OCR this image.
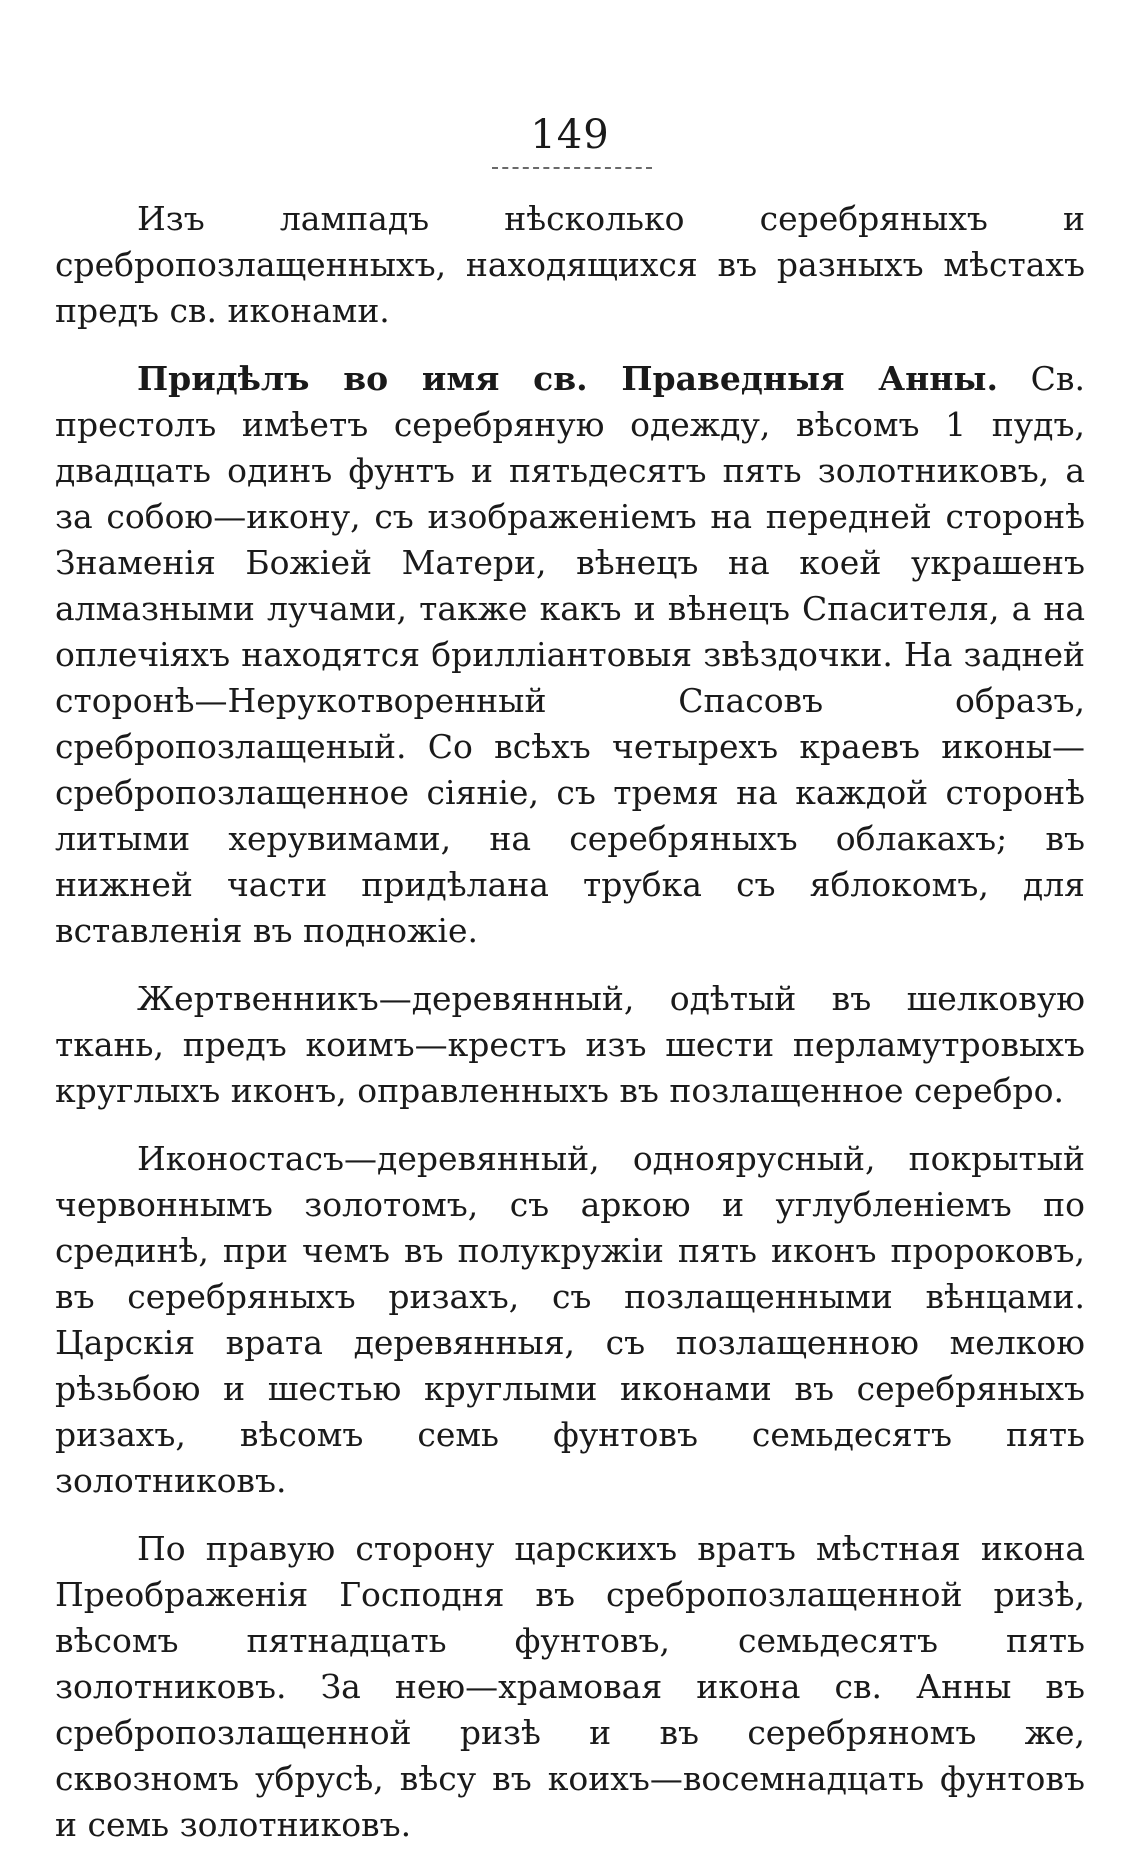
149

Изъ лампадъ нѣсколько серебряныхъ и сребропозлащенныхъ, находящихся въ разныхъ мѣстахъ предъ св. иконами.

Придѣлъ во имя св. Праведныя Анны. Св. престолъ имѣетъ серебряную одежду, вѣсомъ 1 пудъ, двадцать одинъ фунтъ и пятьдесятъ пять золотниковъ, а за собою—икону, съ изображеніемъ на передней сторонѣ Знаменія Божіей Матери, вѣнецъ на коей украшенъ алмазными лучами, также какъ и вѣнецъ Спасителя, а на оплечіяхъ находятся бриллiантовыя звѣздочки. На задней сторонѣ—Нерукотворенный Спасовъ образъ, сребропозлащеный. Со всѣхъ четырехъ краевъ иконы—сребропозлащенное сіяніе, съ тремя на каждой сторонѣ литыми херувимами, на серебряныхъ облакахъ; въ нижней части придѣлана трубка съ яблокомъ, для вставленія въ подножіе.

Жертвенникъ—деревянный, одѣтый въ шелковую ткань, предъ коимъ—крестъ изъ шести перламутровыхъ круглыхъ иконъ, оправленныхъ въ позлащенное серебро.

Иконостасъ—деревянный, одноярусный, покрытый червоннымъ золотомъ, съ аркою и углубленіемъ по срединѣ, при чемъ въ полукружіи пять иконъ пророковъ, въ серебряныхъ ризахъ, съ позлащенными вѣнцами. Царскія врата деревянныя, съ позлащенною мелкою рѣзьбою и шестью круглыми иконами въ серебряныхъ ризахъ, вѣсомъ семь фунтовъ семьдесятъ пять золотниковъ.

По правую сторону царскихъ вратъ мѣстная икона Преображенія Господня въ сребропозлащенной ризѣ, вѣсомъ пятнадцать фунтовъ, семьдесятъ пять золотниковъ. За нею—храмовая икона св. Анны въ сребропозлащенной ризѣ и въ серебряномъ же, сквозномъ убрусѣ, вѣсу въ коихъ—восемнадцать фунтовъ и семь золотниковъ.
